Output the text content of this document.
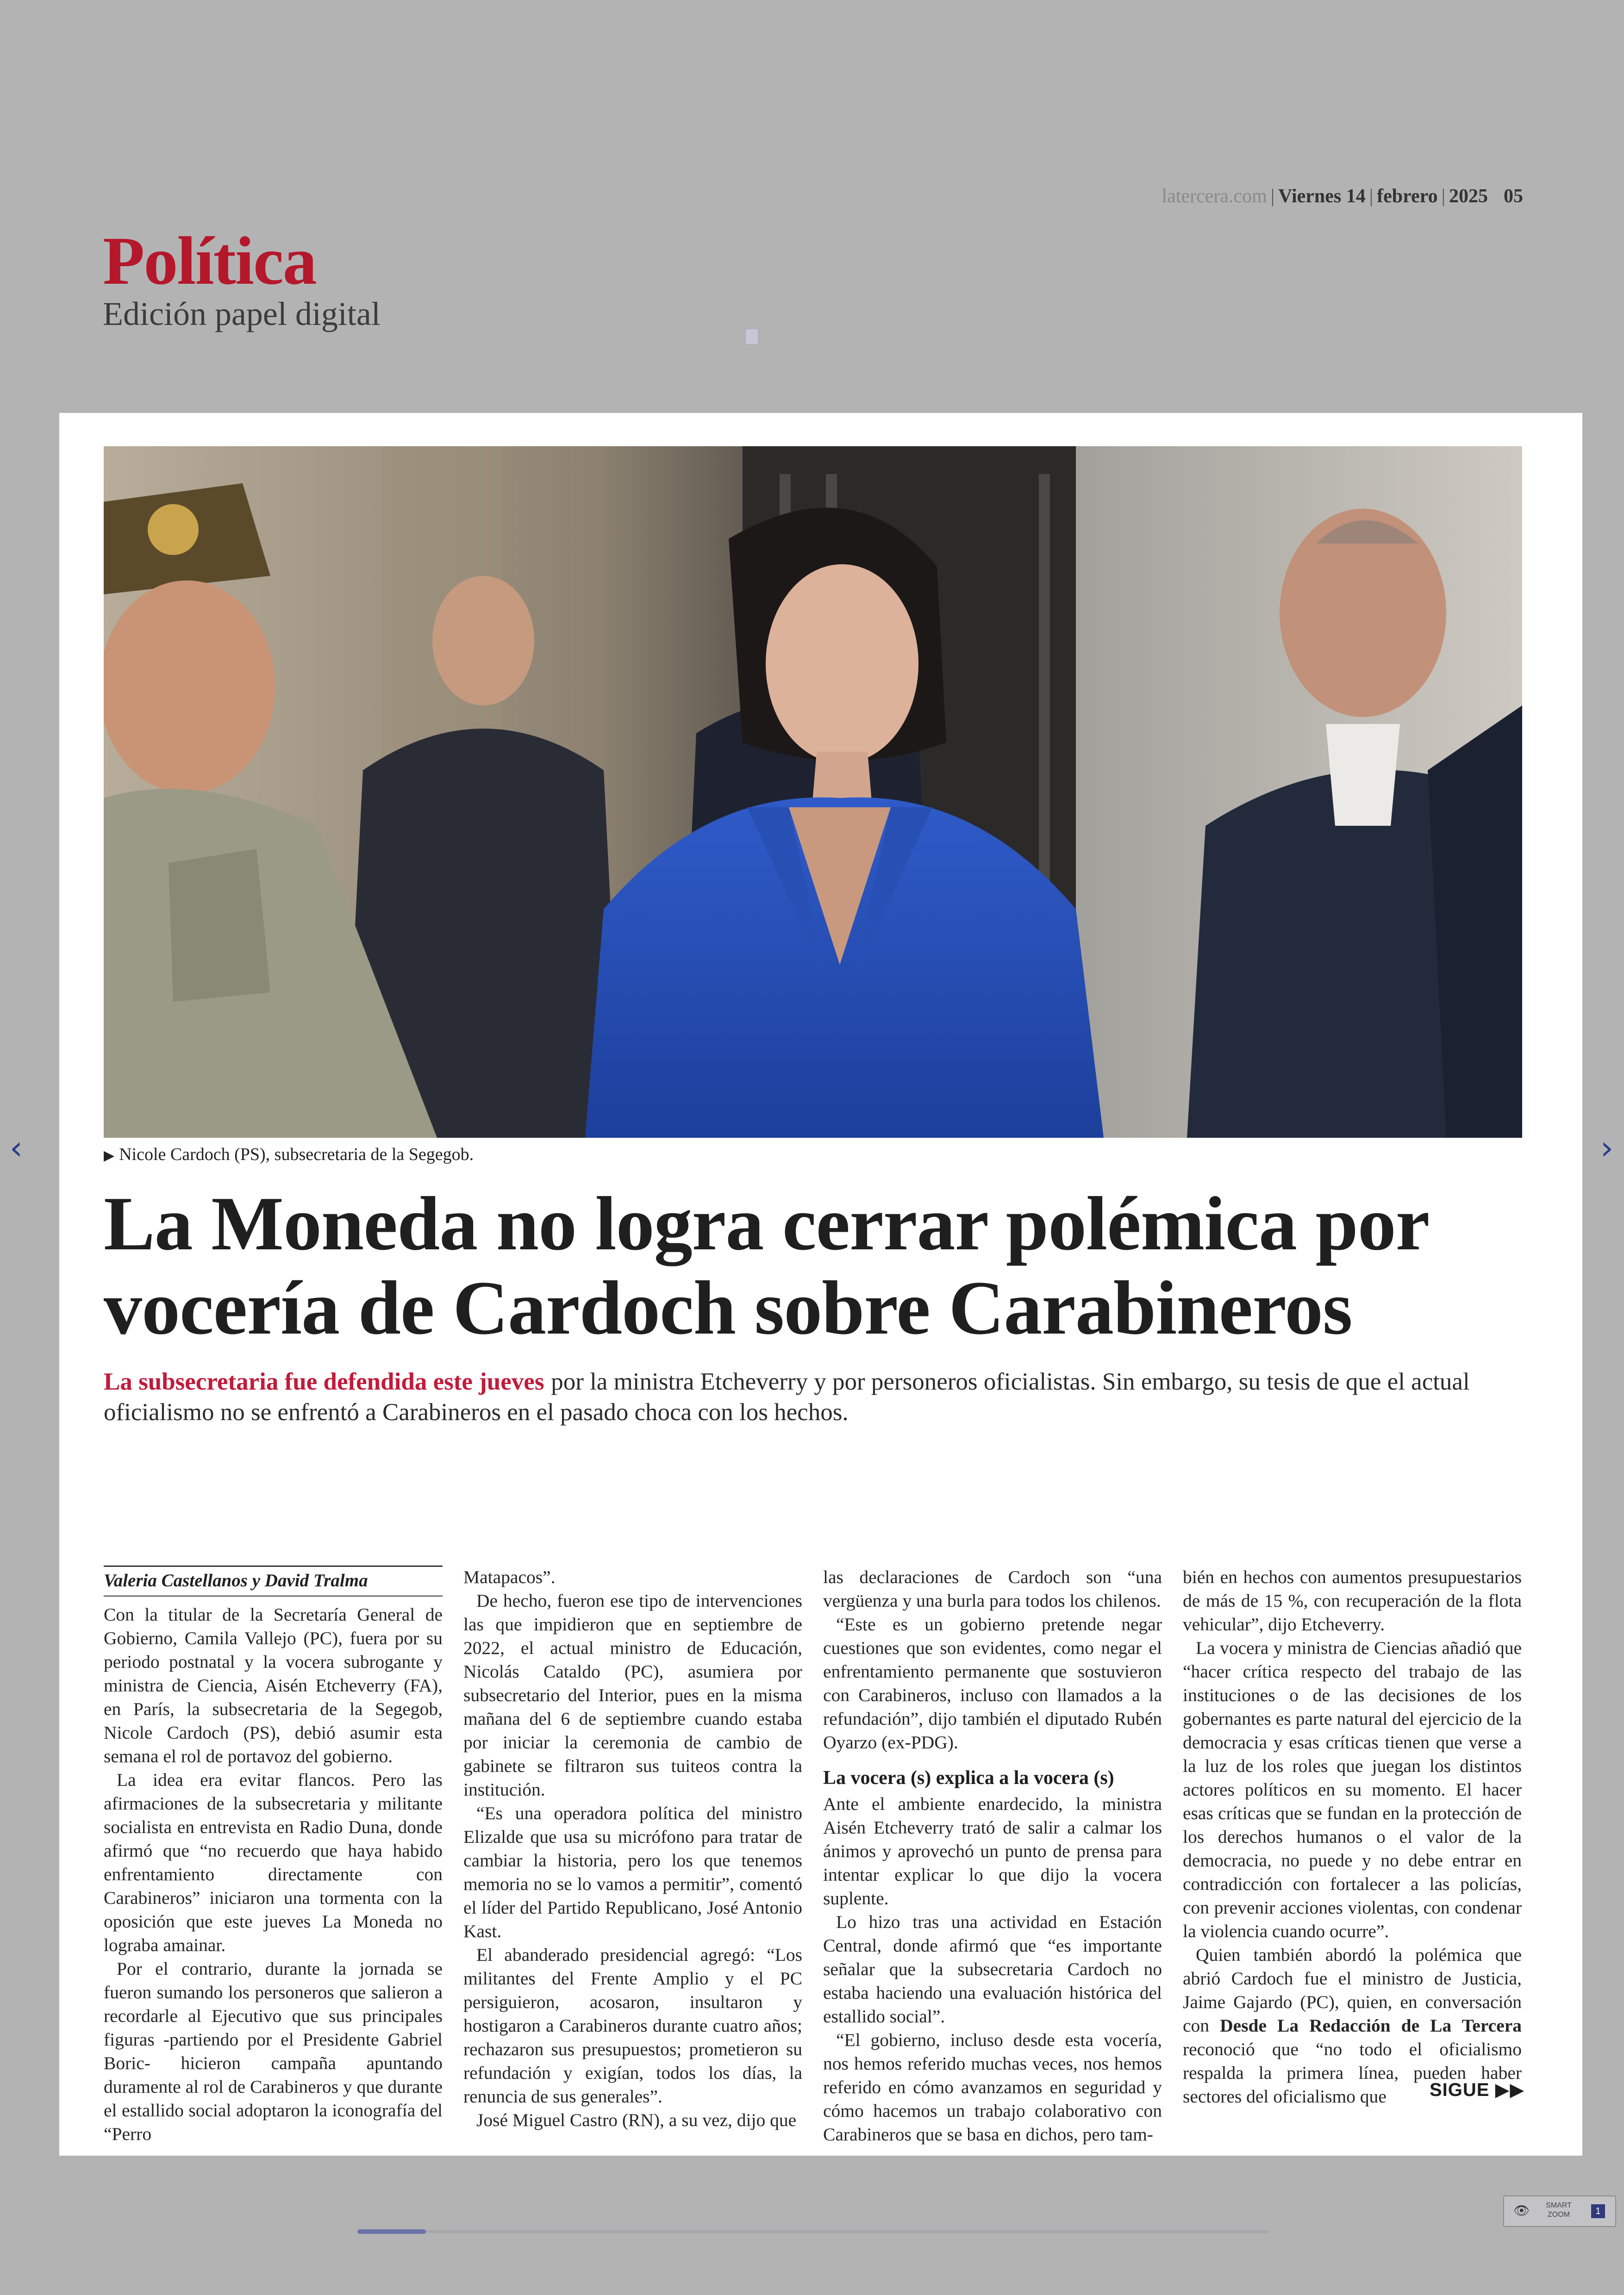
latercera.com | Viernes 14 | febrero | 2025 05
Política
Edición papel digital
‹	›
▶ Nicole Cardoch (PS), subsecretaria de la Segegob.
La Moneda no logra cerrar polémica por vocería de Cardoch sobre Carabineros
La subsecretaria fue defendida este jueves por la ministra Etcheverry y por personeros oficialistas. Sin embargo, su tesis de que el actual oficialismo no se enfrentó a Carabineros en el pasado choca con los hechos.
Valeria Castellanos y David Tralma

Con la titular de la Secretaría General de Gobierno, Camila Vallejo (PC), fuera por su periodo postnatal y la vocera subrogante y ministra de Ciencia, Aisén Etcheverry (FA), en París, la subsecretaria de la Segegob, Nicole Cardoch (PS), debió asumir esta semana el rol de portavoz del gobierno.

La idea era evitar flancos. Pero las afirmaciones de la subsecretaria y militante socialista en entrevista en Radio Duna, donde afirmó que “no recuerdo que haya habido enfrentamiento directamente con Carabineros” iniciaron una tormenta con la oposición que este jueves La Moneda no lograba amainar.

Por el contrario, durante la jornada se fueron sumando los personeros que salieron a recordarle al Ejecutivo que sus principales figuras -partiendo por el Presidente Gabriel Boric- hicieron campaña apuntando duramente al rol de Carabineros y que durante el estallido social adoptaron la iconografía del “Perro

Matapacos”.

De hecho, fueron ese tipo de intervenciones las que impidieron que en septiembre de 2022, el actual ministro de Educación, Nicolás Cataldo (PC), asumiera por subsecretario del Interior, pues en la misma mañana del 6 de septiembre cuando estaba por iniciar la ceremonia de cambio de gabinete se filtraron sus tuiteos contra la institución.

“Es una operadora política del ministro Elizalde que usa su micrófono para tratar de cambiar la historia, pero los que tenemos memoria no se lo vamos a permitir”, comentó el líder del Partido Republicano, José Antonio Kast.

El abanderado presidencial agregó: “Los militantes del Frente Amplio y el PC persiguieron, acosaron, insultaron y hostigaron a Carabineros durante cuatro años; rechazaron sus presupuestos; prometieron su refundación y exigían, todos los días, la renuncia de sus generales”.

José Miguel Castro (RN), a su vez, dijo que

las declaraciones de Cardoch son “una vergüenza y una burla para todos los chilenos.

“Este es un gobierno pretende negar cuestiones que son evidentes, como negar el enfrentamiento permanente que sostuvieron con Carabineros, incluso con llamados a la refundación”, dijo también el diputado Rubén Oyarzo (ex-PDG).

La vocera (s) explica a la vocera (s)

Ante el ambiente enardecido, la ministra Aisén Etcheverry trató de salir a calmar los ánimos y aprovechó un punto de prensa para intentar explicar lo que dijo la vocera suplente.

Lo hizo tras una actividad en Estación Central, donde afirmó que “es importante señalar que la subsecretaria Cardoch no estaba haciendo una evaluación histórica del estallido social”.

“El gobierno, incluso desde esta vocería, nos hemos referido muchas veces, nos hemos referido en cómo avanzamos en seguridad y cómo hacemos un trabajo colaborativo con Carabineros que se basa en dichos, pero tam-

bién en hechos con aumentos presupuestarios de más de 15 %, con recuperación de la flota vehicular”, dijo Etcheverry.

La vocera y ministra de Ciencias añadió que “hacer crítica respecto del trabajo de las instituciones o de las decisiones de los gobernantes es parte natural del ejercicio de la democracia y esas críticas tienen que verse a la luz de los roles que juegan los distintos actores políticos en su momento. El hacer esas críticas que se fundan en la protección de los derechos humanos o el valor de la democracia, no puede y no debe entrar en contradicción con fortalecer a las policías, con prevenir acciones violentas, con condenar la violencia cuando ocurre”.

Quien también abordó la polémica que abrió Cardoch fue el ministro de Justicia, Jaime Gajardo (PC), quien, en conversación con Desde La Redacción de La Tercera reconoció que “no todo el oficialismo respalda la primera línea, pueden haber sectores del oficialismo que	SIGUE ▶▶
👁	SMART ZOOM	1
